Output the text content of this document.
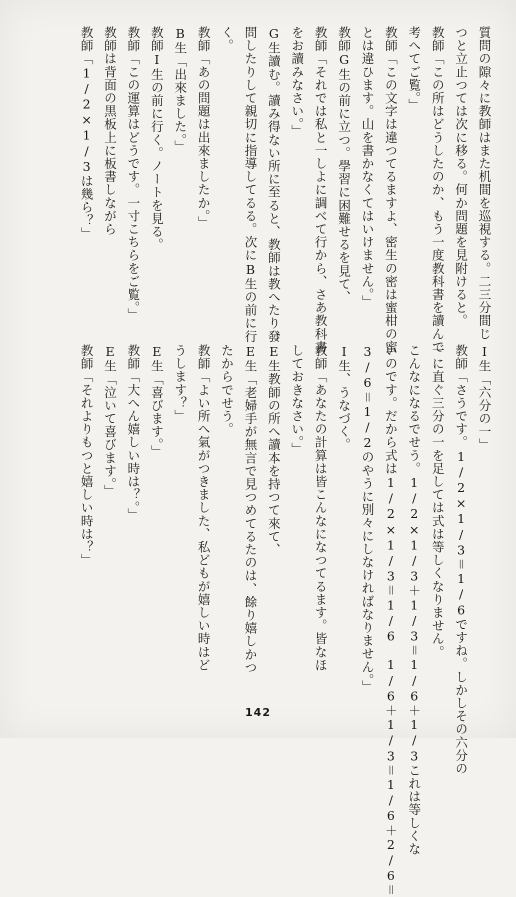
質問の隙々に教師はまた机間を巡視する。二三分間じ
つと立止つては次に移る。何か問題を見附けると。
教師「この所はどうしたのか、もう一度教科書を讀んで
考へてご覧。」
教師「この文字は違つてるますよ、密生の密は蜜柑の蜜
とは違ひます。山を書かなくてはいけません。」
教師G生の前に立つ。學習に困難せるを見て、
教師「それでは私と一しよに調べて行から、さあ教科書
をお讀みなさい。」
G生讀む。讀み得ない所に至ると、教師は教へたり發
問したりして親切に指導してるる。次にB生の前に行
く。
教師「あの問題は出來ましたか。」
B生「出來ました。」
教師I生の前に行く。ノートを見る。
教師「この運算はどうです。一寸こちらをご覧。」
教師は背面の黒板上に板書しながら
教師「1/2×1/3は幾ら？」
I生「六分の一」
教師「さうです。1/2×1/3＝1/6ですね。しかしその六分の
一に直ぐ三分の一を足しては式は等しくなりません。
こんなになるでせう。1/2×1/3＋1/3＝1/6＋1/3これは等しくな
いのです。だから式は1/2×1/3＝1/6　1/6＋1/3＝1/6＋2/6＝
3/6＝1/2のやうに別々にしなければなりません。」
I生、うなづく。
教師「あなたの計算は皆こんなになつてるます。皆なほ
しておきなさい。」
E生教師の所へ讀本を持つて來て、
E生「老婦手が無言で見つめてるたのは、餘り嬉しかつ
たからでせう。
教師「よい所へ氣がつきました、私どもが嬉しい時はど
うします？」
E生「喜びます。」
教師「大へん嬉しい時は？。」
E生「泣いて喜びます。」
教師「それよりもつと嬉しい時は？」
142
